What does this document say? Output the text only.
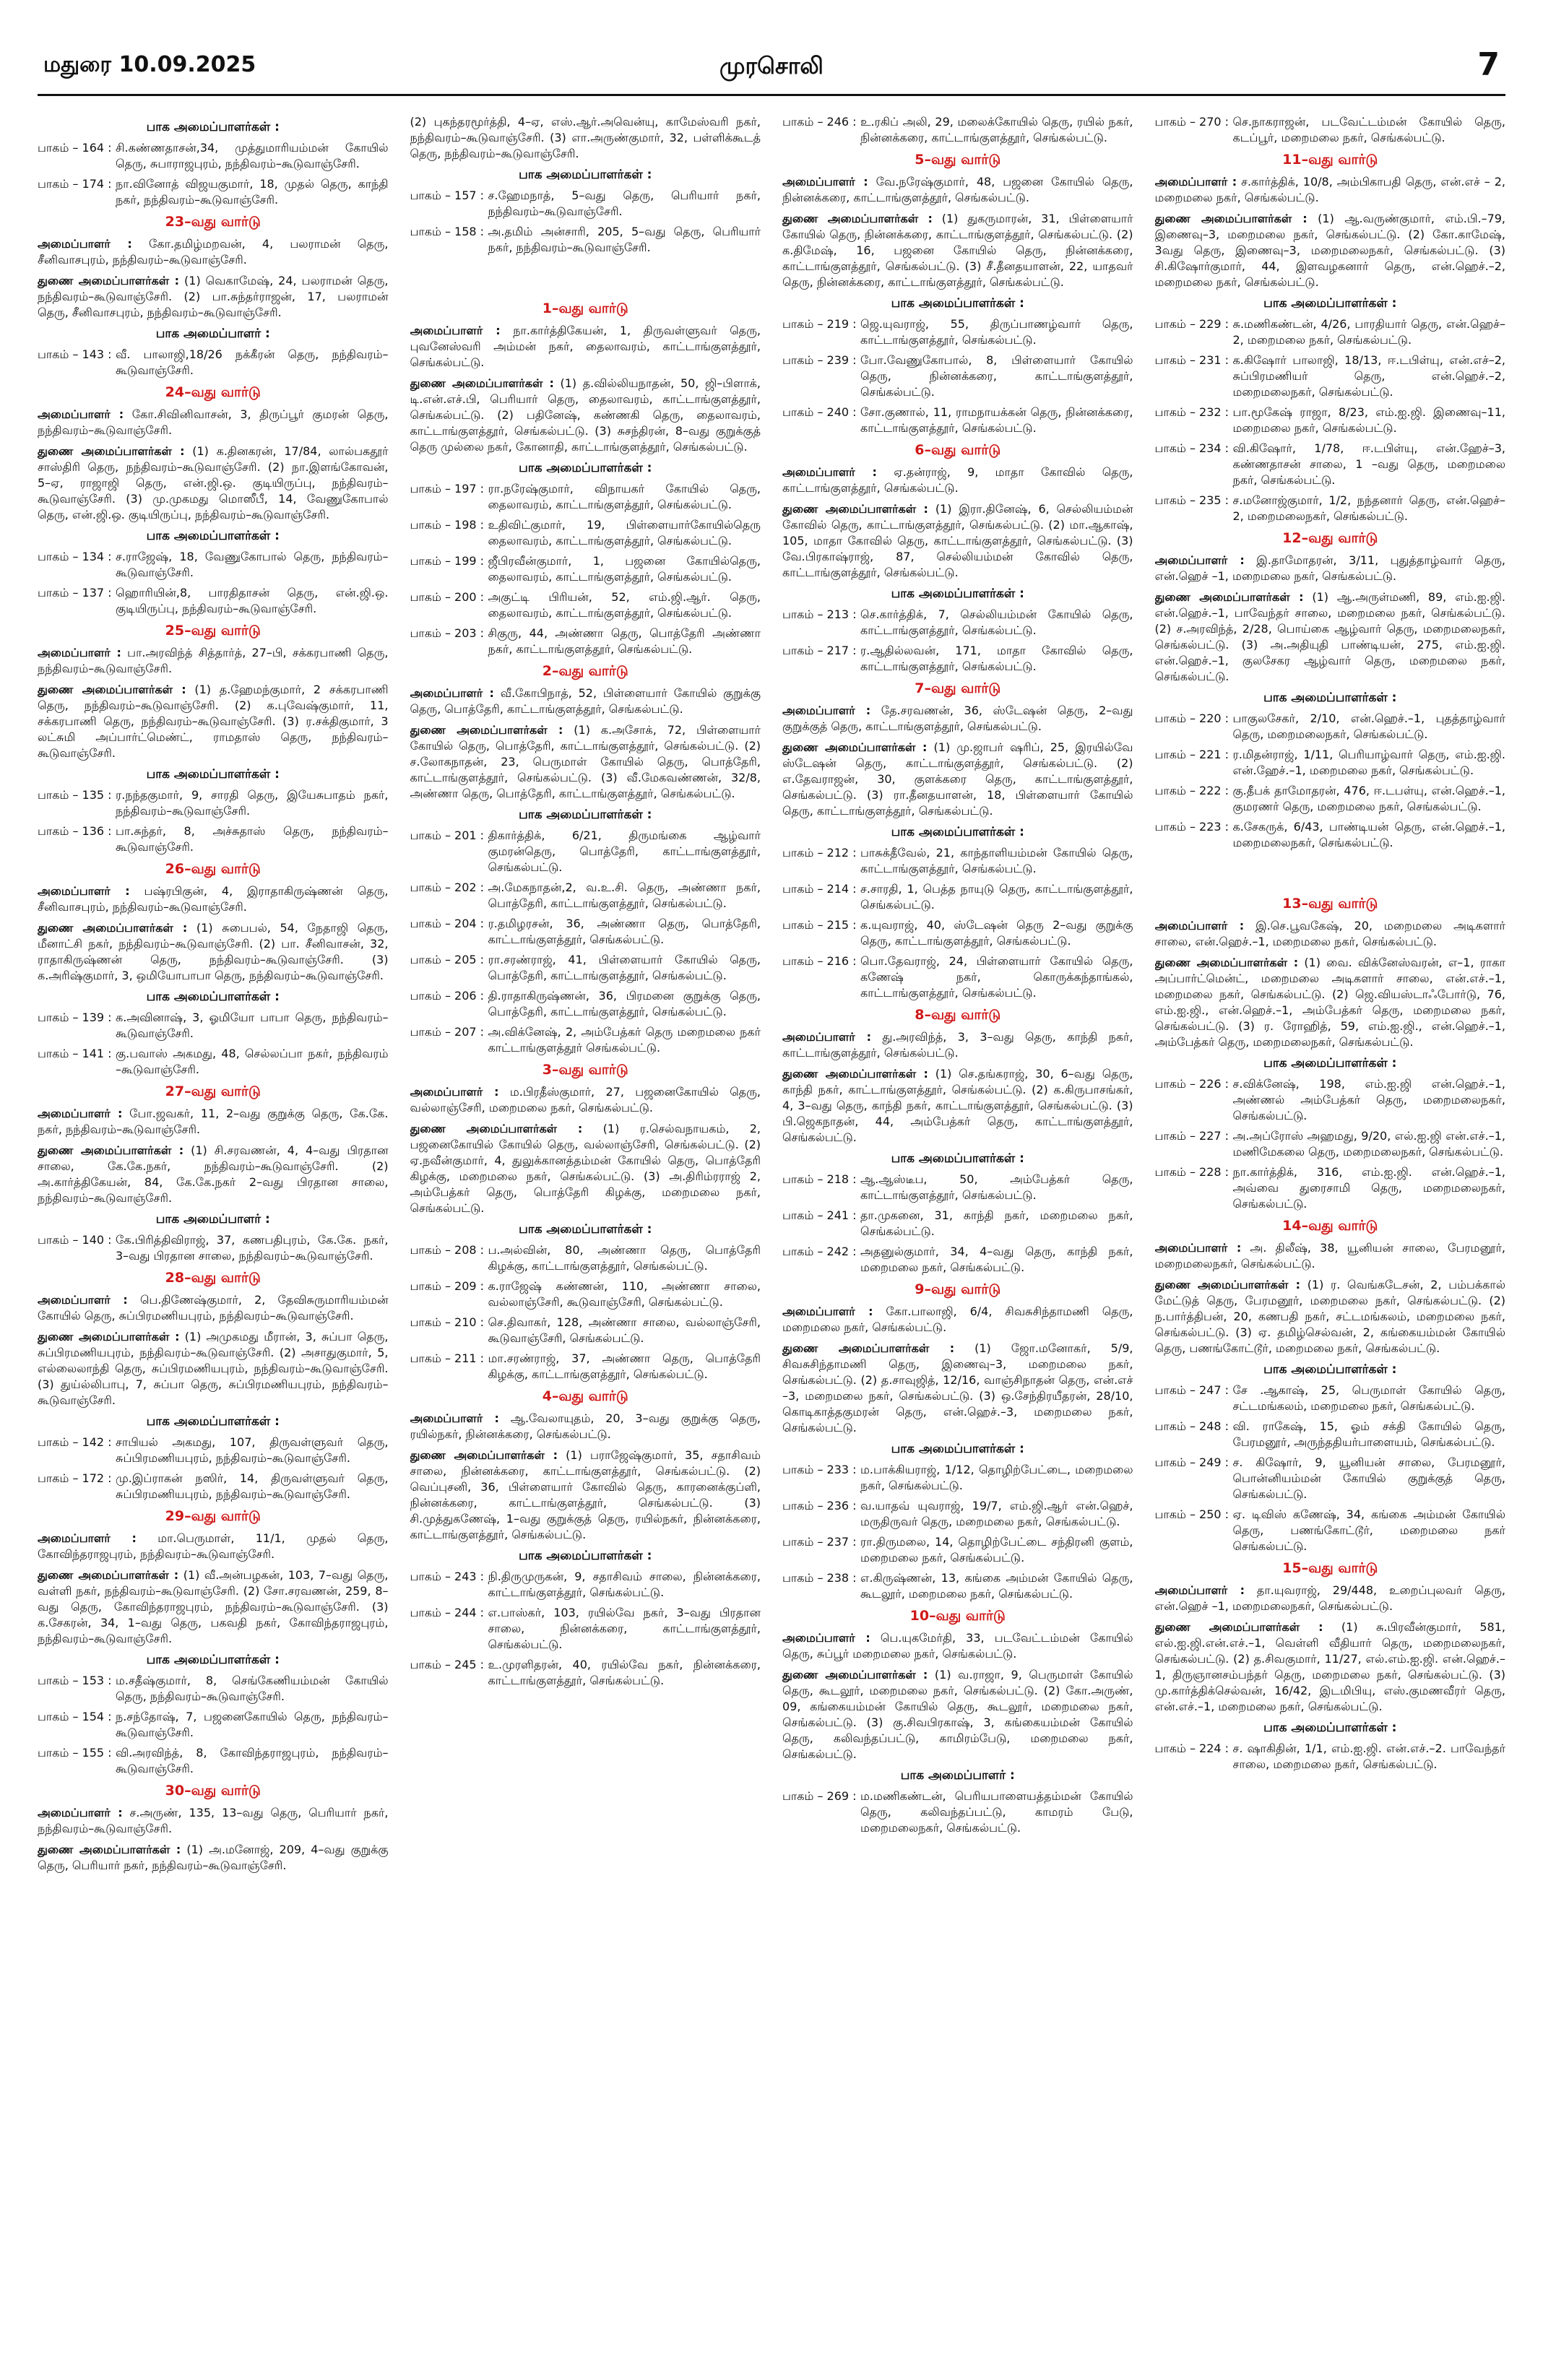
மதுரை 10.09.2025	முரசொலி	7
பாக அமைப்பாளர்கள் :
பாகம் – 164 : சி.கண்ணதாசன்,34, முத்துமாரியம்மன் கோயில் தெரு, சுபாராஜபுரம், நந்திவரம்–கூடுவாஞ்சேரி.
பாகம் – 174 : நா.வினோத் விஜயகுமார், 18, முதல் தெரு, காந்தி நகர், நந்திவரம்–கூடுவாஞ்சேரி.
23–வது வார்டு
அமைப்பாளர் : கோ.தமிழ்மறவன், 4, பலராமன் தெரு, சீனிவாசபுரம், நந்திவரம்–கூடுவாஞ்சேரி.
துணை அமைப்பாளர்கள் : (1) வெகாமேஷ், 24, பலராமன் தெரு, நந்திவரம்–கூடுவாஞ்சேரி. (2) பா.சுந்தர்ராஜன், 17, பலராமன் தெரு, சீனிவாசபுரம், நந்திவரம்–கூடுவாஞ்சேரி.
பாக அமைப்பாளர் :
பாகம் – 143 : வீ. பாலாஜி,18/26 நக்கீரன் தெரு, நந்திவரம்–கூடுவாஞ்சேரி.
24–வது வார்டு
அமைப்பாளர் : கோ.சிவினிவாசன், 3, திருப்பூர் குமரன் தெரு, நந்திவரம்–கூடுவாஞ்சேரி.
துணை அமைப்பாளர்கள் : (1) க.தினகரன், 17/84, லால்பகதூர் சாஸ்திரி தெரு, நந்திவரம்–கூடுவாஞ்சேரி. (2) நா.இளங்கோவன், 5–ஏ, ராஜாஜி தெரு, என்.ஜி.ஒ. குடியிருப்பு, நந்திவரம்–கூடுவாஞ்சேரி. (3) மு.முகமது மொஸீபீ, 14, வேணுகோபால் தெரு, என்.ஜி.ஒ. குடியிருப்பு, நந்திவரம்–கூடுவாஞ்சேரி.
பாக அமைப்பாளர்கள் :
பாகம் – 134 : ச.ராஜேஷ், 18, வேணுகோபால் தெரு, நந்திவரம்–கூடுவாஞ்சேரி.
பாகம் – 137 : ஹொரியின்,8, பாரதிதாசன் தெரு, என்.ஜி.ஒ. குடியிருப்பு, நந்திவரம்–கூடுவாஞ்சேரி.
25–வது வார்டு
அமைப்பாளர் : பா.அரவிந்த் சித்தார்த், 27–பி, சக்கரபாணி தெரு, நந்திவரம்–கூடுவாஞ்சேரி.
துணை அமைப்பாளர்கள் : (1) த.ஹேமந்குமார், 2 சக்கரபாணி தெரு, நந்திவரம்–கூடுவாஞ்சேரி. (2) க.புவேஷ்குமார், 11, சக்கரபாணி தெரு, நந்திவரம்–கூடுவாஞ்சேரி. (3) ர.சக்திகுமார், 3 லட்சுமி அப்பார்ட்மெண்ட், ராமதாஸ் தெரு, நந்திவரம்–கூடுவாஞ்சேரி.
பாக அமைப்பாளர்கள் :
பாகம் – 135 : ர.நந்தகுமார், 9, சாரதி தெரு, இயேசுபாதம் நகர், நந்திவரம்–கூடுவாஞ்சேரி.
பாகம் – 136 : பா.சுந்தர், 8, அச்சுதாஸ் தெரு, நந்திவரம்–கூடுவாஞ்சேரி.
26–வது வார்டு
அமைப்பாளர் : பஷ்ரபிகுன், 4, இராதாகிருஷ்ணன் தெரு, சீனிவாசபுரம், நந்திவரம்–கூடுவாஞ்சேரி.
துணை அமைப்பாளர்கள் : (1) சுபைபல், 54, நேதாஜி தெரு, மீனாட்சி நகர், நந்திவரம்–கூடுவாஞ்சேரி. (2) பா. சீனிவாசன், 32, ராதாகிருஷ்ணன் தெரு, நந்திவரம்–கூடுவாஞ்சேரி. (3) க.அரிஷ்குமார், 3, ஒமியோபாபா தெரு, நந்திவரம்–கூடுவாஞ்சேரி.
பாக அமைப்பாளர்கள் :
பாகம் – 139 : க.அவினாஷ், 3, ஓமியோ பாபா தெரு, நந்திவரம்–கூடுவாஞ்சேரி.
பாகம் – 141 : கு.பவாஸ் அகமது, 48, செல்லப்பா நகர், நந்திவரம் –கூடுவாஞ்சேரி.
27–வது வார்டு
அமைப்பாளர் : போ.ஜவகர், 11, 2–வது குறுக்கு தெரு, கே.கே. நகர், நந்திவரம்–கூடுவாஞ்சேரி.
துணை அமைப்பாளர்கள் : (1) சி.சரவணன், 4, 4–வது பிரதான சாலை, கே.கே.நகர், நந்திவரம்–கூடுவாஞ்சேரி. (2) அ.கார்த்திகேயன், 84, கே.கே.நகர் 2–வது பிரதான சாலை, நந்திவரம்–கூடுவாஞ்சேரி.
பாக அமைப்பாளர் :
பாகம் – 140 : கே.பிரித்திவிராஜ், 37, கணபதிபுரம், கே.கே. நகர், 3–வது பிரதான சாலை, நந்திவரம்–கூடுவாஞ்சேரி.
28–வது வார்டு
அமைப்பாளர் : பெ.திணேஷ்குமார், 2, தேவிசுருமாரியம்மன் கோயில் தெரு, சுப்பிரமணியபுரம், நந்திவரம்–கூடுவாஞ்சேரி.
துணை அமைப்பாளர்கள் : (1) அமுகமது மீரான், 3, சுப்பா தெரு, சுப்பிரமணியபுரம், நந்திவரம்–கூடுவாஞ்சேரி. (2) அசாதுகுமார், 5, எல்லைலாந்தி தெரு, சுப்பிரமணியபுரம், நந்திவரம்–கூடுவாஞ்சேரி. (3) துய்ல்லிபாபு, 7, சுப்பா தெரு, சுப்பிரமணியபுரம், நந்திவரம்–கூடுவாஞ்சேரி.
பாக அமைப்பாளர்கள் :
பாகம் – 142 : சாபியல் அகமது, 107, திருவள்ளுவர் தெரு, சுப்பிரமணியபுரம், நந்திவரம்–கூடுவாஞ்சேரி.
பாகம் – 172 : மு.இப்ராகன் நஸிர், 14, திருவள்ளுவர் தெரு, சுப்பிரமணியபுரம், நந்திவரம்–கூடுவாஞ்சேரி.
29–வது வார்டு
அமைப்பாளர் : மா.பெருமாள், 11/1, முதல் தெரு, கோவிந்தராஜபுரம், நந்திவரம்–கூடுவாஞ்சேரி.
துணை அமைப்பாளர்கள் : (1) வீ.அன்பழகன், 103, 7–வது தெரு, வள்ளி நகர், நந்திவரம்–கூடுவாஞ்சேரி. (2) சோ.சரவணன், 259, 8–வது தெரு, கோவிந்தராஜபுரம், நந்திவரம்–கூடுவாஞ்சேரி. (3) க.சேகரன், 34, 1–வது தெரு, பகவதி நகர், கோவிந்தராஜபுரம், நந்திவரம்–கூடுவாஞ்சேரி.
பாக அமைப்பாளர்கள் :
பாகம் – 153 : ம.சதீஷ்குமார், 8, செங்கேணியம்மன் கோயில் தெரு, நந்திவரம்–கூடுவாஞ்சேரி.
பாகம் – 154 : ந.சந்தோஷ், 7, பஜனைகோயில் தெரு, நந்திவரம்–கூடுவாஞ்சேரி.
பாகம் – 155 : வி.அரவிந்த், 8, கோவிந்தராஜபுரம், நந்திவரம்–கூடுவாஞ்சேரி.
30–வது வார்டு
அமைப்பாளர் : ச.அருண், 135, 13–வது தெரு, பெரியார் நகர், நந்திவரம்–கூடுவாஞ்சேரி.
துணை அமைப்பாளர்கள் : (1) அ.மனோஜ், 209, 4–வது குறுக்கு தெரு, பெரியார் நகர், நந்திவரம்–கூடுவாஞ்சேரி.
(2) புகந்தரமூர்த்தி, 4–ஏ, எஸ்.ஆர்.அவென்யு, காமேஸ்வரி நகர், நந்திவரம்–கூடுவாஞ்சேரி. (3) எா.அருண்குமார், 32, பள்ளிக்கூடத் தெரு, நந்திவரம்–கூடுவாஞ்சேரி.
பாக அமைப்பாளர்கள் :
பாகம் – 157 : ச.ஹேமநாத், 5–வது தெரு, பெரியார் நகர், நந்திவரம்–கூடுவாஞ்சேரி.
பாகம் – 158 : அ.தமிம் அன்சாரி, 205, 5–வது தெரு, பெரியார் நகர், நந்திவரம்–கூடுவாஞ்சேரி.
1–வது வார்டு
அமைப்பாளர் : நா.கார்த்திகேயன், 1, திருவள்ளுவர் தெரு, புவனேஸ்வரி அம்மன் நகர், தைலாவரம், காட்டாங்குளத்தூர், செங்கல்பட்டு.
துணை அமைப்பாளர்கள் : (1) த.வில்லியநாதன், 50, ஜி–பிளாக், டி.என்.எச்.பி, பெரியார் தெரு, தைலாவரம், காட்டாங்குளத்தூர், செங்கல்பட்டு. (2) பதினேஷ், கண்ணகி தெரு, தைலாவரம், காட்டாங்குளத்தூர், செங்கல்பட்டு. (3) சுசந்திரன், 8–வது குறுக்குத் தெரு முல்லை நகர், கோனாதி, காட்டாங்குளத்தூர், செங்கல்பட்டு.
பாக அமைப்பாளர்கள் :
பாகம் – 197 : ரா.நரேஷ்குமார், விநாயகர் கோயில் தெரு, தைலாவரம், காட்டாங்குளத்தூர், செங்கல்பட்டு.
பாகம் – 198 : உதிவிட்குமார், 19, பிள்ளையார்கோயில்தெரு தைலாவரம், காட்டாங்குளத்தூர், செங்கல்பட்டு.
பாகம் – 199 : ஜீபிரவீன்குமார், 1, பஜனை கோயில்தெரு, தைலாவரம், காட்டாங்குளத்தூர், செங்கல்பட்டு.
பாகம் – 200 : அகுட்டி பிரியன், 52, எம்.ஜி.ஆர். தெரு, தைலாவரம், காட்டாங்குளத்தூர், செங்கல்பட்டு.
பாகம் – 203 : சிகுரு, 44, அண்ணா தெரு, பொத்தேரி அண்ணா நகர், காட்டாங்குளத்தூர், செங்கல்பட்டு.
2–வது வார்டு
அமைப்பாளர் : வீ.கோபிநாத், 52, பிள்ளையார் கோயில் குறுக்கு தெரு, பொத்தேரி, காட்டாங்குளத்தூர், செங்கல்பட்டு.
துணை அமைப்பாளர்கள் : (1) க.அசோக், 72, பிள்ளையார் கோயில் தெரு, பொத்தேரி, காட்டாங்குளத்தூர், செங்கல்பட்டு. (2) ச.லோகநாதன், 23, பெருமாள் கோயில் தெரு, பொத்தேரி, காட்டாங்குளத்தூர், செங்கல்பட்டு. (3) வீ.மேகவண்ணன், 32/8, அண்ணா தெரு, பொத்தேரி, காட்டாங்குளத்தூர், செங்கல்பட்டு.
பாக அமைப்பாளர்கள் :
பாகம் – 201 : திகார்த்திக், 6/21, திருமங்கை ஆழ்வார் குமரன்தெரு, பொத்தேரி, காட்டாங்குளத்தூர், செங்கல்பட்டு.
பாகம் – 202 : அ.மேகநாதன்,2, வ.உ.சி. தெரு, அண்ணா நகர், பொத்தேரி, காட்டாங்குளத்தூர், செங்கல்பட்டு.
பாகம் – 204 : ர.தமிழரசன், 36, அண்ணா தெரு, பொத்தேரி, காட்டாங்குளத்தூர், செங்கல்பட்டு.
பாகம் – 205 : ரா.சரண்ராஜ், 41, பிள்ளையார் கோயில் தெரு, பொத்தேரி, காட்டாங்குளத்தூர், செங்கல்பட்டு.
பாகம் – 206 : தி.ராதாகிருஷ்ணன், 36, பிரமனை குறுக்கு தெரு, பொத்தேரி, காட்டாங்குளத்தூர், செங்கல்பட்டு.
பாகம் – 207 : அ.விக்னேஷ், 2, அம்பேத்கர் தெரு மறைமலை நகர் காட்டாங்குளத்தூர் செங்கல்பட்டு.
3–வது வார்டு
அமைப்பாளர் : ம.பிரதீஸ்குமார், 27, பஜனைகோயில் தெரு, வல்லாஞ்சேரி, மறைமலை நகர், செங்கல்பட்டு.
துணை அமைப்பாளர்கள் : (1) ர.செல்வநாயகம், 2, பஜனைகோயில் கோயில் தெரு, வல்லாஞ்சேரி, செங்கல்பட்டு. (2) ஏ.நவீன்குமார், 4, துலுக்கானத்தம்மன் கோயில் தெரு, பொத்தேரி கிழக்கு, மறைமலை நகர், செங்கல்பட்டு. (3) அ.திரிம்ரராஜ் 2, அம்பேத்கர் தெரு, பொத்தேரி கிழக்கு, மறைமலை நகர், செங்கல்பட்டு.
பாக அமைப்பாளர்கள் :
பாகம் – 208 : ப.அல்வின், 80, அண்ணா தெரு, பொத்தேரி கிழக்கு, காட்டாங்குளத்தூர், செங்கல்பட்டு.
பாகம் – 209 : க.ராஜேஷ் கண்ணன், 110, அண்ணா சாலை, வல்லாஞ்சேரி, கூடுவாஞ்சேரி, செங்கல்பட்டு.
பாகம் – 210 : செ.திவாகர், 128, அண்ணா சாலை, வல்லாஞ்சேரி, கூடுவாஞ்சேரி, செங்கல்பட்டு.
பாகம் – 211 : மா.சரண்ராஜ், 37, அண்ணா தெரு, பொத்தேரி கிழக்கு, காட்டாங்குளத்தூர், செங்கல்பட்டு.
4–வது வார்டு
அமைப்பாளர் : ஆ.வேலாயுதம், 20, 3–வது குறுக்கு தெரு, ரயில்நகர், நின்னக்கரை, செங்கல்பட்டு.
துணை அமைப்பாளர்கள் : (1) பராஜேஷ்குமார், 35, சதாசிவம் சாலை, நின்னக்கரை, காட்டாங்குளத்தூர், செங்கல்பட்டு. (2) வெப்புசனி, 36, பிள்ளையார் கோவில் தெரு, காரனைக்குப்ளி, நின்னக்கரை, காட்டாங்குளத்தூர், செங்கல்பட்டு. (3) சி.முத்துகணேஷ், 1–வது குறுக்குத் தெரு, ரயில்நகர், நின்னக்கரை, காட்டாங்குளத்தூர், செங்கல்பட்டு.
பாக அமைப்பாளர்கள் :
பாகம் – 243 : நி.திருமுருகன், 9, சதாசிவம் சாலை, நின்னக்கரை, காட்டாங்குளத்தூர், செங்கல்பட்டு.
பாகம் – 244 : எ.பாஸ்கர், 103, ரயில்வே நகர், 3–வது பிரதான சாலை, நின்னக்கரை, காட்டாங்குளத்தூர், செங்கல்பட்டு.
பாகம் – 245 : உ.முரளிதரன், 40, ரயில்வே நகர், நின்னக்கரை, காட்டாங்குளத்தூர், செங்கல்பட்டு.
பாகம் – 246 : உ.ரகிப் அலி, 29, மலைக்கோயில் தெரு, ரயில் நகர், நின்னக்கரை, காட்டாங்குளத்தூர், செங்கல்பட்டு.
5–வது வார்டு
அமைப்பாளர் : வே.நரேஷ்குமார், 48, பஜனை கோயில் தெரு, நின்னக்கரை, காட்டாங்குளத்தூர், செங்கல்பட்டு.
துணை அமைப்பாளர்கள் : (1) துகருமாரன், 31, பிள்ளையார் கோயில் தெரு, நின்னக்கரை, காட்டாங்குளத்தூர், செங்கல்பட்டு. (2) க.திமேஷ், 16, பஜனை கோயில் தெரு, நின்னக்கரை, காட்டாங்குளத்தூர், செங்கல்பட்டு. (3) சீ.தீனதயாளன், 22, யாதவர் தெரு, நின்னக்கரை, காட்டாங்குளத்தூர், செங்கல்பட்டு.
பாக அமைப்பாளர்கள் :
பாகம் – 219 : ஜெ.யுவராஜ், 55, திருப்பாணழ்வார் தெரு, காட்டாங்குளத்தூர், செங்கல்பட்டு.
பாகம் – 239 : போ.வேணுகோபால், 8, பிள்ளையார் கோயில் தெரு, நின்னக்கரை, காட்டாங்குளத்தூர், செங்கல்பட்டு.
பாகம் – 240 : சோ.குணால், 11, ராமநாயக்கன் தெரு, நின்னக்கரை, காட்டாங்குளத்தூர், செங்கல்பட்டு.
6–வது வார்டு
அமைப்பாளர் : ஏ.தன்ராஜ், 9, மாதா கோவில் தெரு, காட்டாங்குளத்தூர், செங்கல்பட்டு.
துணை அமைப்பாளர்கள் : (1) இரா.தினேஷ், 6, செல்லியம்மன் கோவில் தெரு, காட்டாங்குளத்தூர், செங்கல்பட்டு. (2) மா.ஆகாஷ், 105, மாதா கோவில் தெரு, காட்டாங்குளத்தூர், செங்கல்பட்டு. (3) வே.பிரகாஷ்ராஜ், 87, செல்லியம்மன் கோவில் தெரு, காட்டாங்குளத்தூர், செங்கல்பட்டு.
பாக அமைப்பாளர்கள் :
பாகம் – 213 : செ.கார்த்திக், 7, செல்லியம்மன் கோயில் தெரு, காட்டாங்குளத்தூர், செங்கல்பட்டு.
பாகம் – 217 : ர.ஆதில்லவன், 171, மாதா கோவில் தெரு, காட்டாங்குளத்தூர், செங்கல்பட்டு.
7–வது வார்டு
அமைப்பாளர் : தே.சரவணன், 36, ஸ்டேஷன் தெரு, 2–வது குறுக்குத் தெரு, காட்டாங்குளத்தூர், செங்கல்பட்டு.
துணை அமைப்பாளர்கள் : (1) மு.ஜாபர் ஷரிப், 25, இரயில்வே ஸ்டேஷன் தெரு, காட்டாங்குளத்தூர், செங்கல்பட்டு. (2) எ.தேவராஜன், 30, குளக்கரை தெரு, காட்டாங்குளத்தூர், செங்கல்பட்டு. (3) ரா.தீனதயாளன், 18, பிள்ளையார் கோயில் தெரு, காட்டாங்குளத்தூர், செங்கல்பட்டு.
பாக அமைப்பாளர்கள் :
பாகம் – 212 : பாசுக்தீவேல், 21, காந்தாளியம்மன் கோயில் தெரு, காட்டாங்குளத்தூர், செங்கல்பட்டு.
பாகம் – 214 : ச.சாரதி, 1, பெத்த நாயுடு தெரு, காட்டாங்குளத்தூர், செங்கல்பட்டு.
பாகம் – 215 : க.யுவராஜ், 40, ஸ்டேஷன் தெரு 2–வது குறுக்கு தெரு, காட்டாங்குளத்தூர், செங்கல்பட்டு.
பாகம் – 216 : பொ.தேவராஜ், 24, பிள்ளையார் கோயில் தெரு, கணேஷ் நகர், கொருக்கந்தாங்கல், காட்டாங்குளத்தூர், செங்கல்பட்டு.
8–வது வார்டு
அமைப்பாளர் : து.அரவிந்த், 3, 3–வது தெரு, காந்தி நகர், காட்டாங்குளத்தூர், செங்கல்பட்டு.
துணை அமைப்பாளர்கள் : (1) செ.தங்கராஜ், 30, 6–வது தெரு, காந்தி நகர், காட்டாங்குளத்தூர், செங்கல்பட்டு. (2) க.கிருபாசங்கர், 4, 3–வது தெரு, காந்தி நகர், காட்டாங்குளத்தூர், செங்கல்பட்டு. (3) பி.ஜெகநாதன், 44, அம்பேத்கர் தெரு, காட்டாங்குளத்தூர், செங்கல்பட்டு.
பாக அமைப்பாளர்கள் :
பாகம் – 218 : ஆ.ஆஸ்டீப, 50, அம்பேத்கர் தெரு, காட்டாங்குளத்தூர், செங்கல்பட்டு.
பாகம் – 241 : தா.முகனை, 31, காந்தி நகர், மறைமலை நகர், செங்கல்பட்டு.
பாகம் – 242 : அதனுல்குமார், 34, 4–வது தெரு, காந்தி நகர், மறைமலை நகர், செங்கல்பட்டு.
9–வது வார்டு
அமைப்பாளர் : கோ.பாலாஜி, 6/4, சிவசுசிந்தாமணி தெரு, மறைமலை நகர், செங்கல்பட்டு.
துணை அமைப்பாளர்கள் : (1) ஜோ.மனோகர், 5/9, சிவசுசிந்தாமணி தெரு, இணைவு–3, மறைமலை நகர், செங்கல்பட்டு. (2) த.சாவுஜித், 12/16, வாஞ்சிநாதன் தெரு, என்.எச் –3, மறைமலை நகர், செங்கல்பட்டு. (3) ஒ.சேந்திரயீதரன், 28/10, கொடிகாத்தகுமரன் தெரு, என்.ஹெச்.–3, மறைமலை நகர், செங்கல்பட்டு.
பாக அமைப்பாளர்கள் :
பாகம் – 233 : ம.பாக்கியராஜ், 1/12, தொழிற்பேட்டை, மறைமலை நகர், செங்கல்பட்டு.
பாகம் – 236 : வ.யாதவ் யுவராஜ், 19/7, எம்.ஜி.ஆர் என்.ஹெச், மருதிருவர் தெரு, மறைமலை நகர், செங்கல்பட்டு.
பாகம் – 237 : ரா.திருமலை, 14, தொழிற்பேட்டை சந்திரனி குளம், மறைமலை நகர், செங்கல்பட்டு.
பாகம் – 238 : எ.கிருஷ்ணன், 13, கங்கை அம்மன் கோயில் தெரு, கூடலூர், மறைமலை நகர், செங்கல்பட்டு.
10–வது வார்டு
அமைப்பாளர் : பெ.யுகமேர்தி, 33, படவேட்டம்மன் கோயில் தெரு, சுப்பூர் மறைமலை நகர், செங்கல்பட்டு.
துணை அமைப்பாளர்கள் : (1) வ.ராஜா, 9, பெருமாள் கோயில் தெரு, கூடலூர், மறைமலை நகர், செங்கல்பட்டு. (2) கோ.அருண், 09, கங்கையம்மன் கோயில் தெரு, கூடலூர், மறைமலை நகர், செங்கல்பட்டு. (3) கு.சிவபிரகாஷ், 3, கங்கையம்மன் கோயில் தெரு, கலிவந்தப்பட்டு, காமிரம்பேடு, மறைமலை நகர், செங்கல்பட்டு.
பாக அமைப்பாளர் :
பாகம் – 269 : ம.மணிகண்டன், பெரியபாளையத்தம்மன் கோயில் தெரு, கலிவந்தப்பட்டு, காமரம் பேடு, மறைமலைநகர், செங்கல்பட்டு.
பாகம் – 270 : செ.நாகராஜன், படவேட்டம்மன் கோயில் தெரு, கடப்பூர், மறைமலை நகர், செங்கல்பட்டு.
11–வது வார்டு
அமைப்பாளர் : ச.கார்த்திக், 10/8, அம்பிகாபதி தெரு, என்.எச் – 2, மறைமலை நகர், செங்கல்பட்டு.
துணை அமைப்பாளர்கள் : (1) ஆ.வருண்குமார், எம்.பி.–79, இணைவு–3, மறைமலை நகர், செங்கல்பட்டு. (2) கோ.காமேஷ், 3வது தெரு, இணைவு–3, மறைமலைநகர், செங்கல்பட்டு. (3) சி.கிஷோர்குமார், 44, இளவழகனார் தெரு, என்.ஹெச்.–2, மறைமலை நகர், செங்கல்பட்டு.
பாக அமைப்பாளர்கள் :
பாகம் – 229 : சு.மணிகண்டன், 4/26, பாரதியார் தெரு, என்.ஹெச்–2, மறைமலை நகர், செங்கல்பட்டு.
பாகம் – 231 : க.கிஷோர் பாலாஜி, 18/13, ஈ.டபிள்யு, என்.எச்–2, சுப்பிரமணியர் தெரு, என்.ஹெச்.–2, மறைமலைநகர், செங்கல்பட்டு.
பாகம் – 232 : பா.மூகேஷ் ராஜா, 8/23, எம்.ஐ.ஜி. இணைவு–11, மறைமலை நகர், செங்கல்பட்டு.
பாகம் – 234 : வி.கிஷோர், 1/78, ஈ.டபிள்யு, என்.ஹேச்–3, கண்ணதாசன் சாலை, 1 –வது தெரு, மறைமலை நகர், செங்கல்பட்டு.
பாகம் – 235 : ச.மனோஜ்குமார், 1/2, நந்தனார் தெரு, என்.ஹெச்–2, மறைமலைநகர், செங்கல்பட்டு.
12–வது வார்டு
அமைப்பாளர் : இ.தாமோதரன், 3/11, புதுத்தாழ்வார் தெரு, என்.ஹெச் –1, மறைமலை நகர், செங்கல்பட்டு.
துணை அமைப்பாளர்கள் : (1) ஆ.அருள்மணி, 89, எம்.ஐ.ஜி. என்.ஹெச்.–1, பாவேந்தர் சாலை, மறைமலை நகர், செங்கல்பட்டு. (2) ச.அரவிந்த், 2/28, பொய்கை ஆழ்வார் தெரு, மறைமலைநகர், செங்கல்பட்டு. (3) அ.அதியுதி பாண்டியன், 275, எம்.ஐ.ஜி. என்.ஹெச்.–1, குலசேகர ஆழ்வார் தெரு, மறைமலை நகர், செங்கல்பட்டு.
பாக அமைப்பாளர்கள் :
பாகம் – 220 : பாகுலசேகர், 2/10, என்.ஹெச்.–1, புதத்தாழ்வார் தெரு, மறைமலைநகர், செங்கல்பட்டு.
பாகம் – 221 : ர.மிதன்ராஜ், 1/11, பெரியாழ்வார் தெரு, எம்.ஐ.ஜி. என்.ஹேச்.–1, மறைமலை நகர், செங்கல்பட்டு.
பாகம் – 222 : கு.தீபக் தாமோதரன், 476, ஈ.டபள்யு, என்.ஹெச்.–1, குமரணர் தெரு, மறைமலை நகர், செங்கல்பட்டு.
பாகம் – 223 : க.சேகருக், 6/43, பாண்டியன் தெரு, என்.ஹெச்.–1, மறைமலைநகர், செங்கல்பட்டு.
13–வது வார்டு
அமைப்பாளர் : இ.செ.பூவகேஷ், 20, மறைமலை அடிகளார் சாலை, என்.ஹெச்.–1, மறைமலை நகர், செங்கல்பட்டு.
துணை அமைப்பாளர்கள் : (1) வை. விக்னேஸ்வரன், எ–1, ராகா அப்பார்ட்மென்ட், மறைமலை அடிகளார் சாலை, என்.எச்.–1, மறைமலை நகர், செங்கல்பட்டு. (2) ஜெ.வியஸ்டாஃபோர்டு, 76, எம்.ஐ.ஜி., என்.ஹெச்.–1, அம்பேத்கர் தெரு, மறைமலை நகர், செங்கல்பட்டு. (3) ர. ரோஹித், 59, எம்.ஐ.ஜி., என்.ஹெச்.–1, அம்பேத்கர் தெரு, மறைமலைநகர், செங்கல்பட்டு.
பாக அமைப்பாளர்கள் :
பாகம் – 226 : ச.விக்னேஷ், 198, எம்.ஐ.ஜி என்.ஹெச்.–1, அண்ணல் அம்பேத்கர் தெரு, மறைமலைநகர், செங்கல்பட்டு.
பாகம் – 227 : அ.அப்ரோஸ் அஹமது, 9/20, எல்.ஐ.ஜி என்.எச்.–1, மணிமேகலை தெரு, மறைமலைநகர், செங்கல்பட்டு.
பாகம் – 228 : நா.கார்த்திக், 316, எம்.ஐ.ஜி. என்.ஹெச்.–1, அவ்வை துரைசாமி தெரு, மறைமலைநகர், செங்கல்பட்டு.
14–வது வார்டு
அமைப்பாளர் : அ. திலீஷ், 38, யூனியன் சாலை, பேரமனூர், மறைமலைநகர், செங்கல்பட்டு.
துணை அமைப்பாளர்கள் : (1) ர. வெங்கடேசன், 2, பம்பக்கால் மேட்டுத் தெரு, பேரமனூர், மறைமலை நகர், செங்கல்பட்டு. (2) ந.பார்த்திபன், 20, கணபதி நகர், சட்டமங்கலம், மறைமலை நகர், செங்கல்பட்டு. (3) ஏ. தமிழ்செல்வன், 2, கங்கையம்மன் கோயில் தெரு, பணங்கோட்டூர், மறைமலை நகர், செங்கல்பட்டு.
பாக அமைப்பாளர்கள் :
பாகம் – 247 : சே .ஆகாஷ், 25, பெருமாள் கோயில் தெரு, சட்டமங்கலம், மறைமலை நகர், செங்கல்பட்டு.
பாகம் – 248 : வி. ராகேஷ், 15, ஓம் சக்தி கோயில் தெரு, பேரமனூர், அருந்ததியர்பாளையம், செங்கல்பட்டு.
பாகம் – 249 : ச. கிஷோர், 9, யூனியன் சாலை, பேரமனூர், பொன்னியம்மன் கோயில் குறுக்குத் தெரு, செங்கல்பட்டு.
பாகம் – 250 : ஏ. டிவிஸ் கணேஷ், 34, கங்கை அம்மன் கோயில் தெரு, பணங்கோட்டூர், மறைமலை நகர் செங்கல்பட்டு.
15–வது வார்டு
அமைப்பாளர் : தா.யுவராஜ், 29/448, உறைப்புலவர் தெரு, என்.ஹெச் –1, மறைமலைநகர், செங்கல்பட்டு.
துணை அமைப்பாளர்கள் : (1) சு.பிரவீன்குமார், 581, எல்.ஐ.ஜி.என்.எச்.–1, வெள்ளி வீதியார் தெரு, மறைமலைநகர், செங்கல்பட்டு. (2) த.சிவகுமார், 11/27, எல்.எம்.ஐ.ஜி. என்.ஹெச்.–1, திருஞானசம்பந்தர் தெரு, மறைமலை நகர், செங்கல்பட்டு. (3) மு.கார்த்திக்செல்வன், 16/42, இடமிபியு, எஸ்.குமணவீரர் தெரு, என்.எச்.–1, மறைமலை நகர், செங்கல்பட்டு.
பாக அமைப்பாளர்கள் :
பாகம் – 224 : ச. ஷாகிதின், 1/1, எம்.ஐ.ஜி. என்.எச்.–2. பாவேந்தர் சாலை, மறைமலை நகர், செங்கல்பட்டு.
